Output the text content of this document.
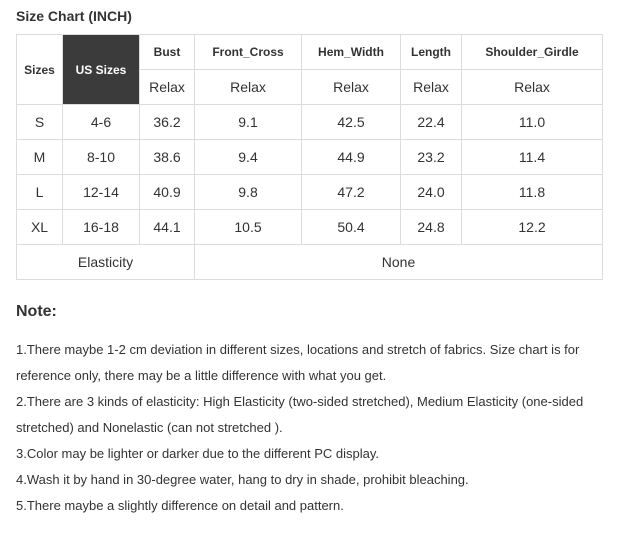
Size Chart (INCH)
Sizes	US Sizes	Bust	Front_Cross	Hem_Width	Length	Shoulder_Girdle
		Relax	Relax	Relax	Relax	Relax
S	4-6	36.2	9.1	42.5	22.4	11.0
M	8-10	38.6	9.4	44.9	23.2	11.4
L	12-14	40.9	9.8	47.2	24.0	11.8
XL	16-18	44.1	10.5	50.4	24.8	12.2
Elasticity			None			
Note:

1.There maybe 1-2 cm deviation in different sizes, locations and stretch of fabrics. Size chart is for reference only, there may be a little difference with what you get.

2.There are 3 kinds of elasticity: High Elasticity (two-sided stretched), Medium Elasticity (one-sided stretched) and Nonelastic (can not stretched ).

3.Color may be lighter or darker due to the different PC display.

4.Wash it by hand in 30-degree water, hang to dry in shade, prohibit bleaching.

5.There maybe a slightly difference on detail and pattern.
